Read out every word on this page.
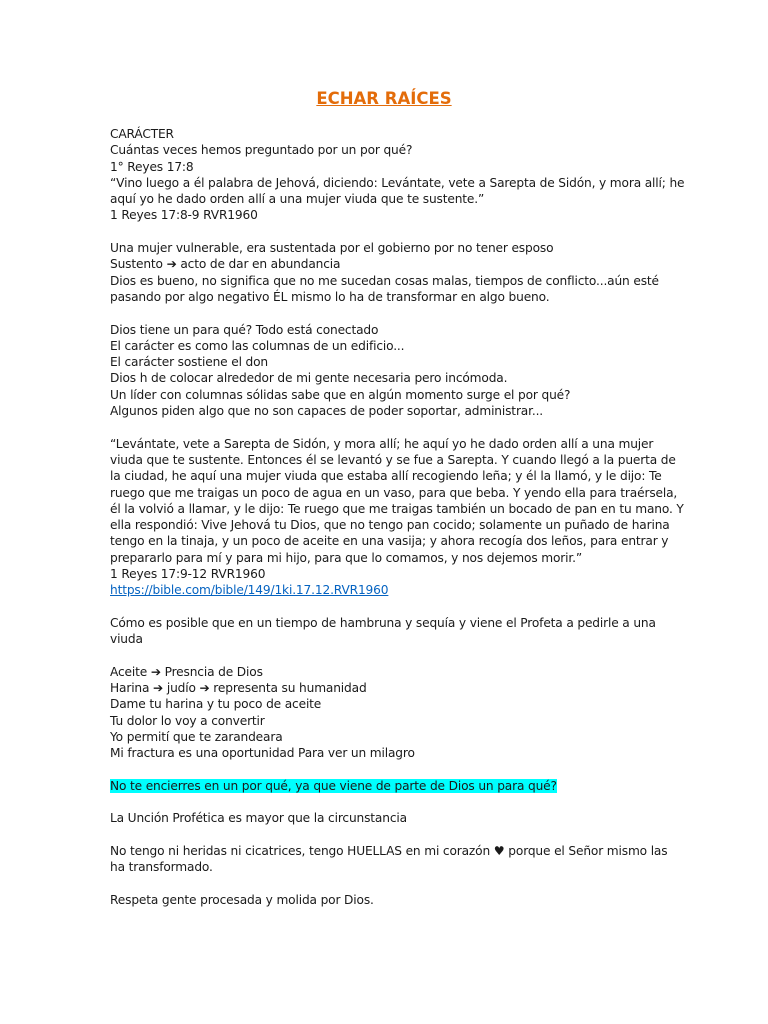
ECHAR RAÍCES
CARÁCTER
Cuántas veces hemos preguntado por un por qué?
1° Reyes 17:8
“Vino luego a él palabra de Jehová, diciendo: Levántate, vete a Sarepta de Sidón, y mora allí; he
aquí yo he dado orden allí a una mujer viuda que te sustente.”
1 Reyes 17:8-9 RVR1960
Una mujer vulnerable, era sustentada por el gobierno por no tener esposo
Sustento ➔ acto de dar en abundancia
Dios es bueno, no significa que no me sucedan cosas malas, tiempos de conflicto...aún esté
pasando por algo negativo ÉL mismo lo ha de transformar en algo bueno.
Dios tiene un para qué? Todo está conectado
El carácter es como las columnas de un edificio...
El carácter sostiene el don
Dios h de colocar alrededor de mi gente necesaria pero incómoda.
Un líder con columnas sólidas sabe que en algún momento surge el por qué?
Algunos piden algo que no son capaces de poder soportar, administrar...
“Levántate, vete a Sarepta de Sidón, y mora allí; he aquí yo he dado orden allí a una mujer
viuda que te sustente. Entonces él se levantó y se fue a Sarepta. Y cuando llegó a la puerta de
la ciudad, he aquí una mujer viuda que estaba allí recogiendo leña; y él la llamó, y le dijo: Te
ruego que me traigas un poco de agua en un vaso, para que beba. Y yendo ella para traérsela,
él la volvió a llamar, y le dijo: Te ruego que me traigas también un bocado de pan en tu mano. Y
ella respondió: Vive Jehová tu Dios, que no tengo pan cocido; solamente un puñado de harina
tengo en la tinaja, y un poco de aceite en una vasija; y ahora recogía dos leños, para entrar y
prepararlo para mí y para mi hijo, para que lo comamos, y nos dejemos morir.”
1 Reyes 17:9-12 RVR1960
https://bible.com/bible/149/1ki.17.12.RVR1960
Cómo es posible que en un tiempo de hambruna y sequía y viene el Profeta a pedirle a una
viuda
Aceite ➔ Presncia de Dios
Harina ➔ judío ➔ representa su humanidad
Dame tu harina y tu poco de aceite
Tu dolor lo voy a convertir
Yo permití que te zarandeara
Mi fractura es una oportunidad Para ver un milagro
No te encierres en un por qué, ya que viene de parte de Dios un para qué?
La Unción Profética es mayor que la circunstancia
No tengo ni heridas ni cicatrices, tengo HUELLAS en mi corazón ♥ porque el Señor mismo las
ha transformado.
Respeta gente procesada y molida por Dios.
